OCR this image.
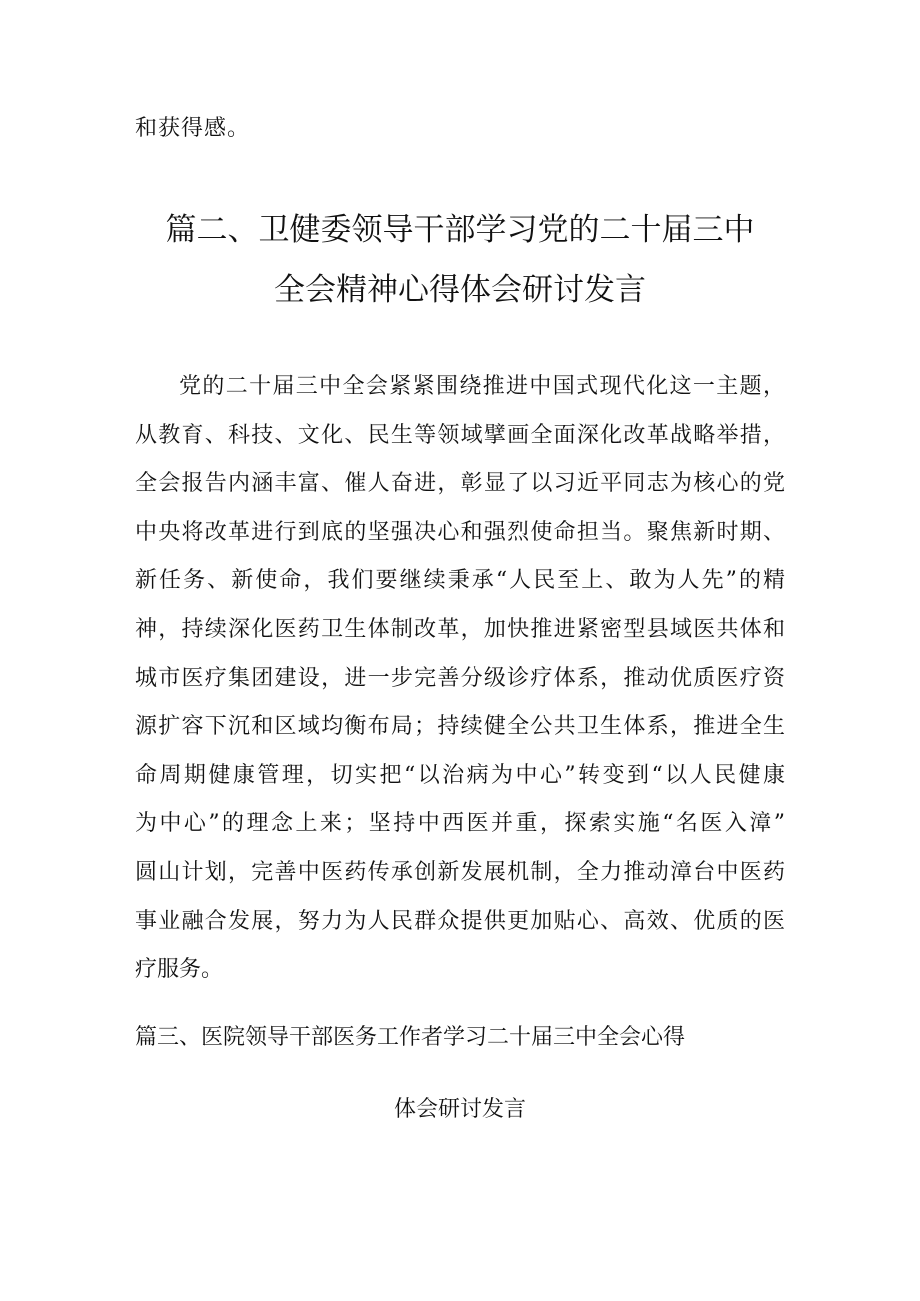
和获得感。

篇二、卫健委领导干部学习党的二十届三中
全会精神心得体会研讨发言
党的二十届三中全会紧紧围绕推进中国式现代化这一主题，
从教育、科技、文化、民生等领域擘画全面深化改革战略举措，
全会报告内涵丰富、催人奋进，彰显了以习近平同志为核心的党
中央将改革进行到底的坚强决心和强烈使命担当。聚焦新时期、
新任务、新使命，我们要继续秉承“人民至上、敢为人先”的精
神，持续深化医药卫生体制改革，加快推进紧密型县域医共体和
城市医疗集团建设，进一步完善分级诊疗体系，推动优质医疗资
源扩容下沉和区域均衡布局；持续健全公共卫生体系，推进全生
命周期健康管理，切实把“以治病为中心”转变到“以人民健康
为中心”的理念上来；坚持中西医并重，探索实施“名医入漳”
圆山计划，完善中医药传承创新发展机制，全力推动漳台中医药
事业融合发展，努力为人民群众提供更加贴心、高效、优质的医
疗服务。
篇三、医院领导干部医务工作者学习二十届三中全会心得
体会研讨发言
